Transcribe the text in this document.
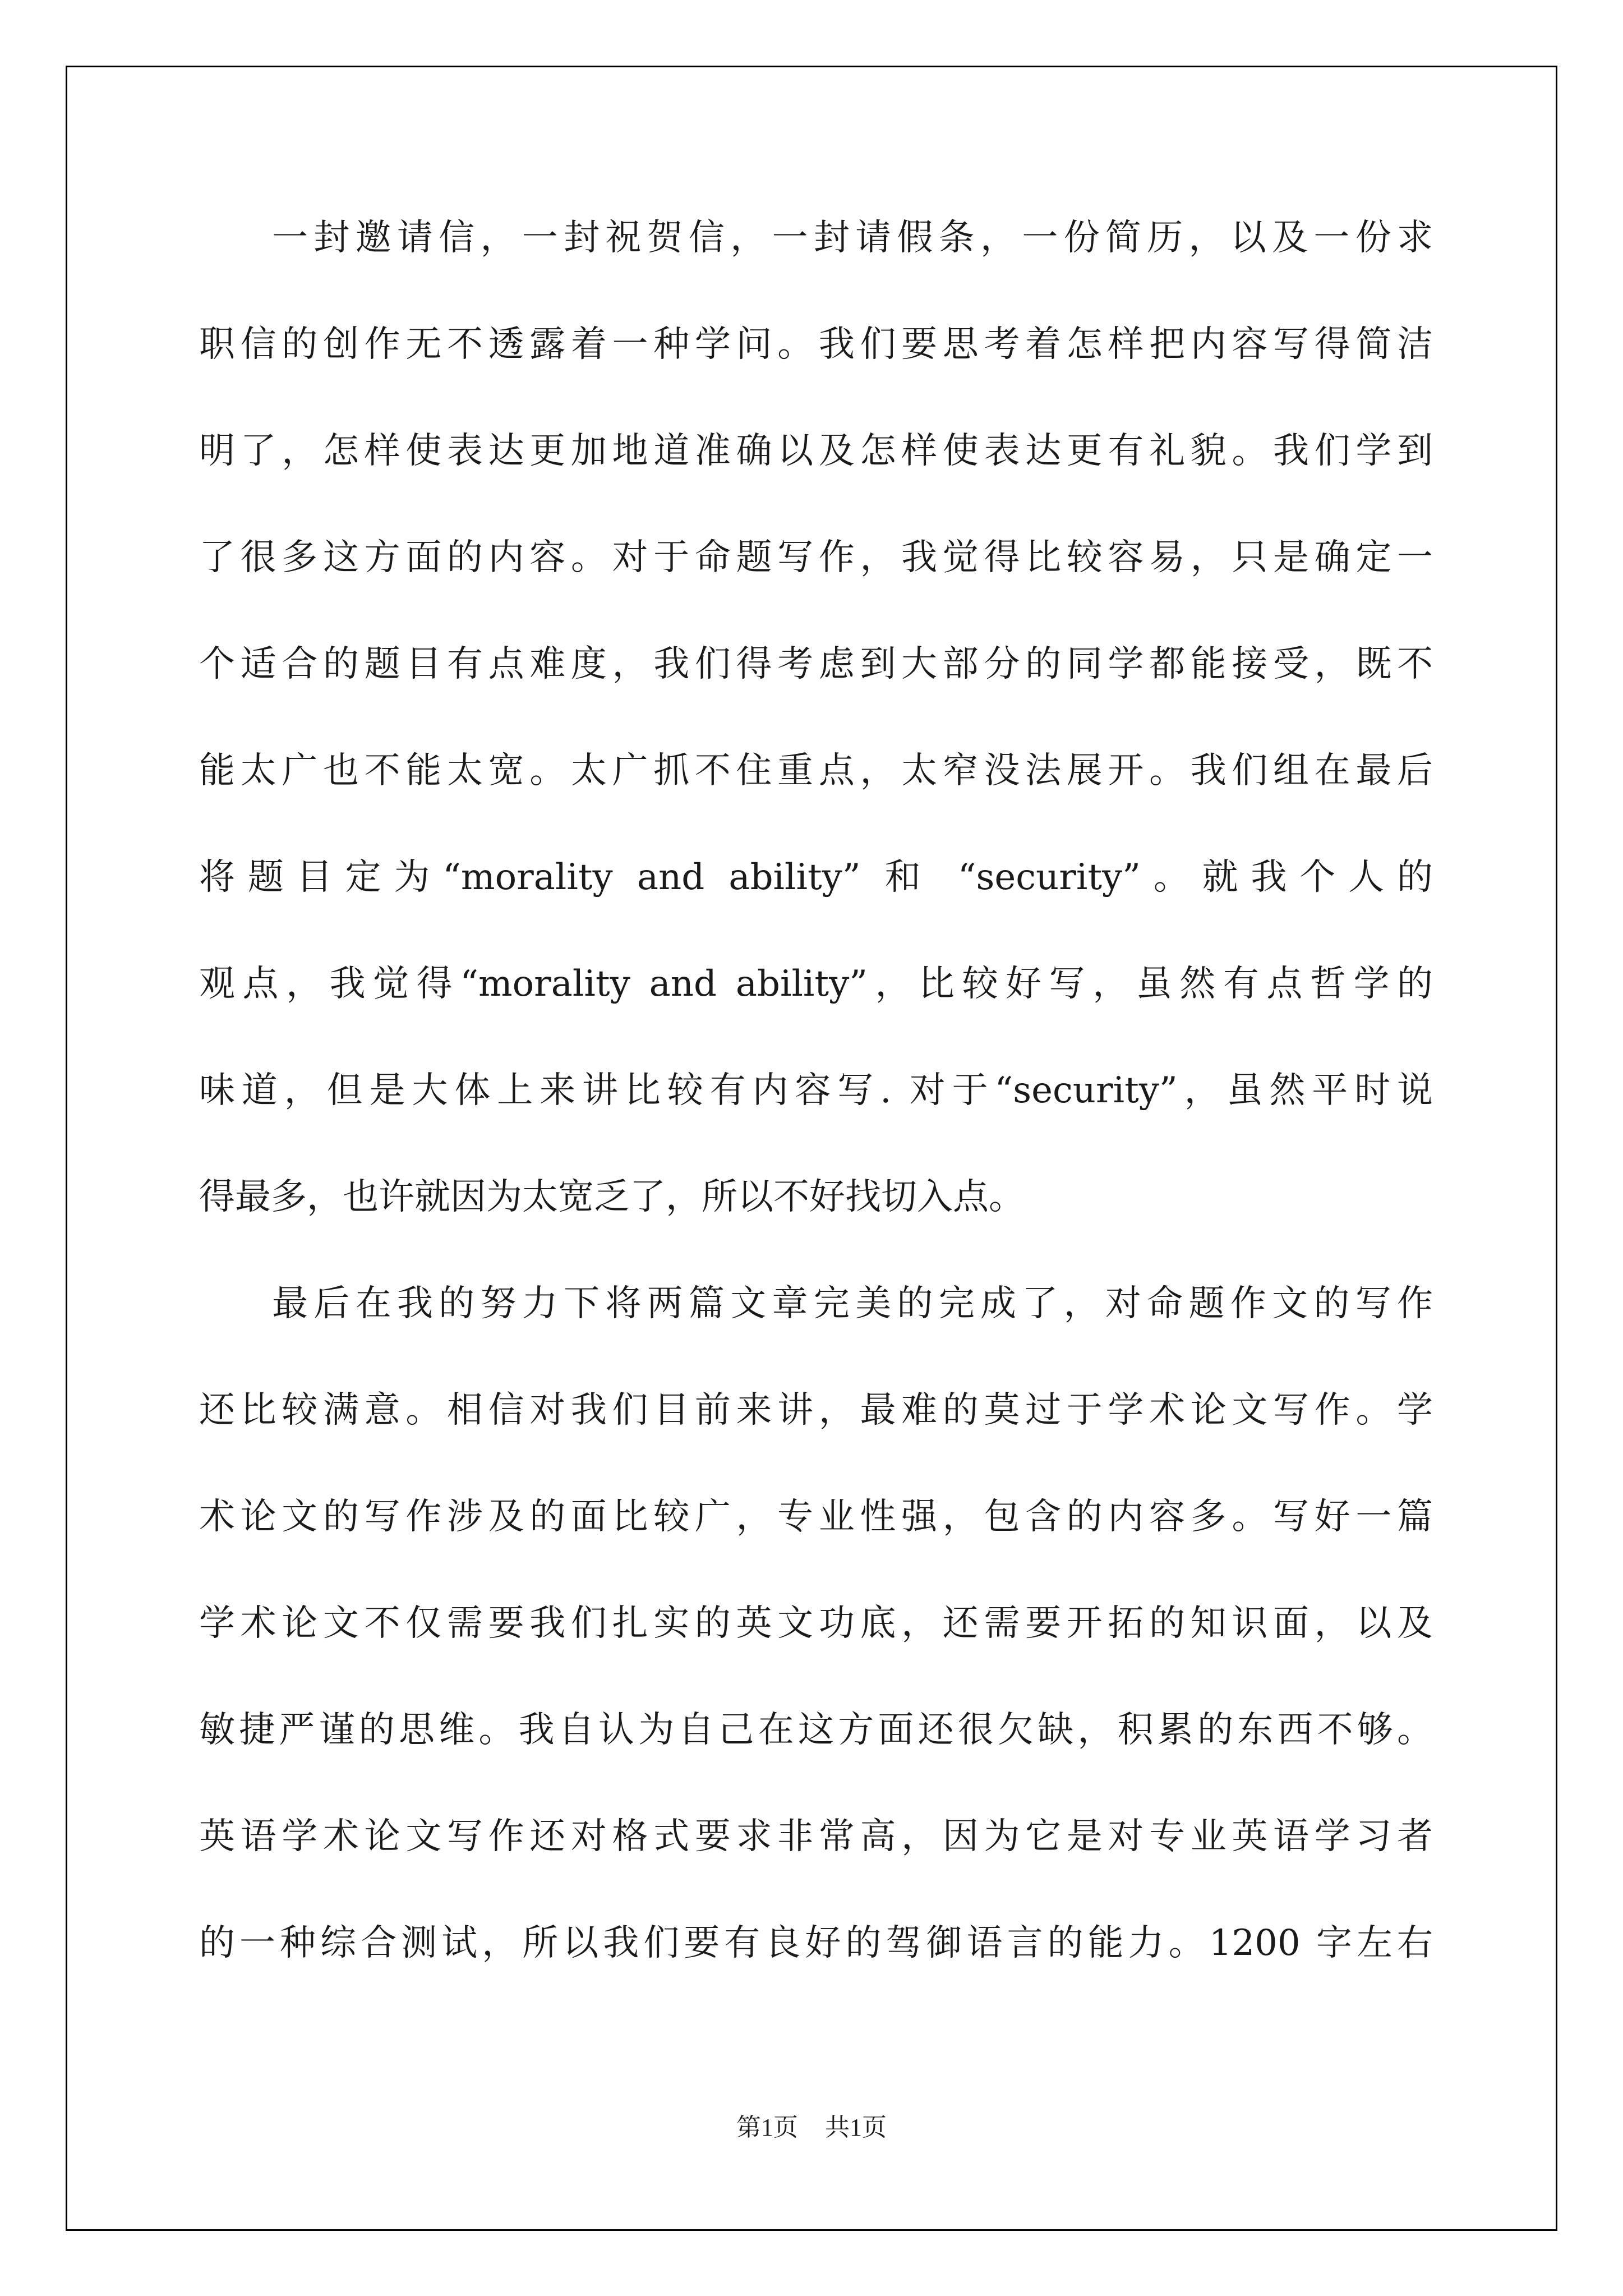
一封邀请信，一封祝贺信，一封请假条，一份简历，以及一份求
职信的创作无不透露着一种学问。我们要思考着怎样把内容写得简洁
明了，怎样使表达更加地道准确以及怎样使表达更有礼貌。我们学到
了很多这方面的内容。对于命题写作，我觉得比较容易，只是确定一
个适合的题目有点难度，我们得考虑到大部分的同学都能接受，既不
能太广也不能太宽。太广抓不住重点，太窄没法展开。我们组在最后
将题目定为“morality and ability” 和 “security”。就我个人的
观点，我觉得“morality and ability”，比较好写，虽然有点哲学的
味道，但是大体上来讲比较有内容写. 对于“security”，虽然平时说
得最多，也许就因为太宽乏了，所以不好找切入点。
最后在我的努力下将两篇文章完美的完成了，对命题作文的写作
还比较满意。相信对我们目前来讲，最难的莫过于学术论文写作。学
术论文的写作涉及的面比较广，专业性强，包含的内容多。写好一篇
学术论文不仅需要我们扎实的英文功底，还需要开拓的知识面，以及
敏捷严谨的思维。我自认为自己在这方面还很欠缺，积累的东西不够。
英语学术论文写作还对格式要求非常高，因为它是对专业英语学习者
的一种综合测试，所以我们要有良好的驾御语言的能力。1200 字左右
第1页 共1页
